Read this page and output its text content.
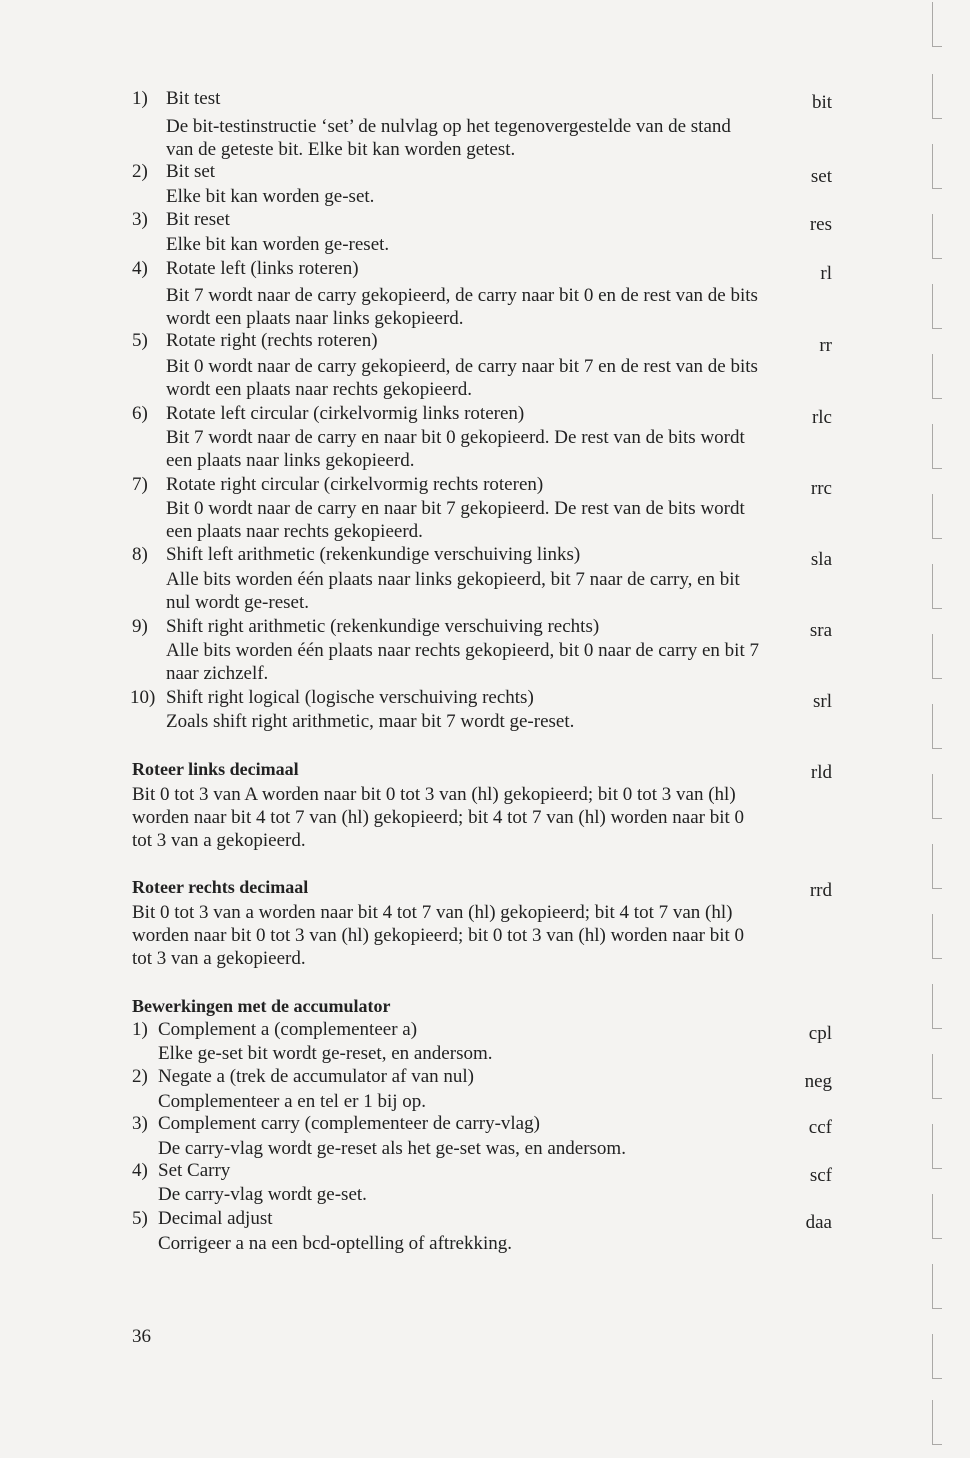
1) Bit test	bit
De bit-testinstructie ‘set’ de nulvlag op het tegenovergestelde van de stand
van de geteste bit. Elke bit kan worden getest.
2) Bit set	set
Elke bit kan worden ge-set.
3) Bit reset	res
Elke bit kan worden ge-reset.
4) Rotate left (links roteren)	rl
Bit 7 wordt naar de carry gekopieerd, de carry naar bit 0 en de rest van de bits
wordt een plaats naar links gekopieerd.
5) Rotate right (rechts roteren)	rr
Bit 0 wordt naar de carry gekopieerd, de carry naar bit 7 en de rest van de bits
wordt een plaats naar rechts gekopieerd.
6) Rotate left circular (cirkelvormig links roteren)	rlc
Bit 7 wordt naar de carry en naar bit 0 gekopieerd. De rest van de bits wordt
een plaats naar links gekopieerd.
7) Rotate right circular (cirkelvormig rechts roteren)	rrc
Bit 0 wordt naar de carry en naar bit 7 gekopieerd. De rest van de bits wordt
een plaats naar rechts gekopieerd.
8) Shift left arithmetic (rekenkundige verschuiving links)	sla
Alle bits worden één plaats naar links gekopieerd, bit 7 naar de carry, en bit
nul wordt ge-reset.
9) Shift right arithmetic (rekenkundige verschuiving rechts)	sra
Alle bits worden één plaats naar rechts gekopieerd, bit 0 naar de carry en bit 7
naar zichzelf.
10) Shift right logical (logische verschuiving rechts)	srl
Zoals shift right arithmetic, maar bit 7 wordt ge-reset.
Roteer links decimaal	rld
Bit 0 tot 3 van A worden naar bit 0 tot 3 van (hl) gekopieerd; bit 0 tot 3 van (hl)
worden naar bit 4 tot 7 van (hl) gekopieerd; bit 4 tot 7 van (hl) worden naar bit 0
tot 3 van a gekopieerd.
Roteer rechts decimaal	rrd
Bit 0 tot 3 van a worden naar bit 4 tot 7 van (hl) gekopieerd; bit 4 tot 7 van (hl)
worden naar bit 0 tot 3 van (hl) gekopieerd; bit 0 tot 3 van (hl) worden naar bit 0
tot 3 van a gekopieerd.
Bewerkingen met de accumulator
1) Complement a (complementeer a)	cpl
Elke ge-set bit wordt ge-reset, en andersom.
2) Negate a (trek de accumulator af van nul)	neg
Complementeer a en tel er 1 bij op.
3) Complement carry (complementeer de carry-vlag)	ccf
De carry-vlag wordt ge-reset als het ge-set was, en andersom.
4) Set Carry	scf
De carry-vlag wordt ge-set.
5) Decimal adjust	daa
Corrigeer a na een bcd-optelling of aftrekking.
36
